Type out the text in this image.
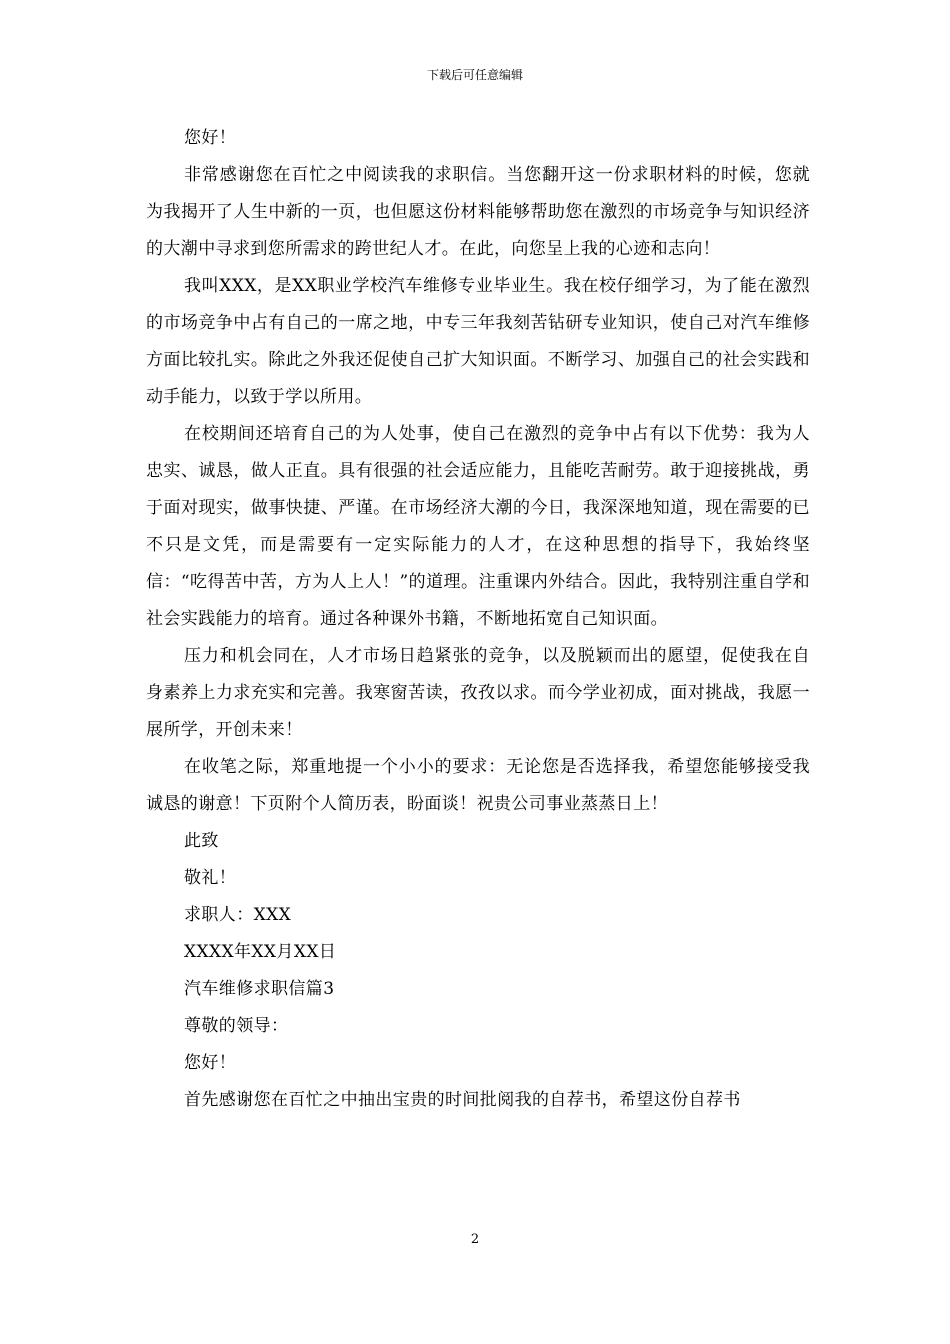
下载后可任意编辑

您好！

非常感谢您在百忙之中阅读我的求职信。当您翻开这一份求职材料的时候，您就为我揭开了人生中新的一页，也但愿这份材料能够帮助您在激烈的市场竞争与知识经济的大潮中寻求到您所需求的跨世纪人才。在此，向您呈上我的心迹和志向！

我叫XXX，是XX职业学校汽车维修专业毕业生。我在校仔细学习，为了能在激烈的市场竞争中占有自己的一席之地，中专三年我刻苦钻研专业知识，使自己对汽车维修方面比较扎实。除此之外我还促使自己扩大知识面。不断学习、加强自己的社会实践和动手能力，以致于学以所用。

在校期间还培育自己的为人处事，使自己在激烈的竞争中占有以下优势：我为人忠实、诚恳，做人正直。具有很强的社会适应能力，且能吃苦耐劳。敢于迎接挑战，勇于面对现实，做事快捷、严谨。在市场经济大潮的今日，我深深地知道，现在需要的已不只是文凭，而是需要有一定实际能力的人才，在这种思想的指导下，我始终坚信：“吃得苦中苦，方为人上人！”的道理。注重课内外结合。因此，我特别注重自学和社会实践能力的培育。通过各种课外书籍，不断地拓宽自己知识面。

压力和机会同在，人才市场日趋紧张的竞争，以及脱颖而出的愿望，促使我在自身素养上力求充实和完善。我寒窗苦读，孜孜以求。而今学业初成，面对挑战，我愿一展所学，开创未来！

在收笔之际，郑重地提一个小小的要求：无论您是否选择我，希望您能够接受我诚恳的谢意！下页附个人简历表，盼面谈！祝贵公司事业蒸蒸日上！

此致

敬礼！

求职人：XXX

XXXX年XX月XX日

汽车维修求职信篇3

尊敬的领导：

您好！

首先感谢您在百忙之中抽出宝贵的时间批阅我的自荐书，希望这份自荐书

2
